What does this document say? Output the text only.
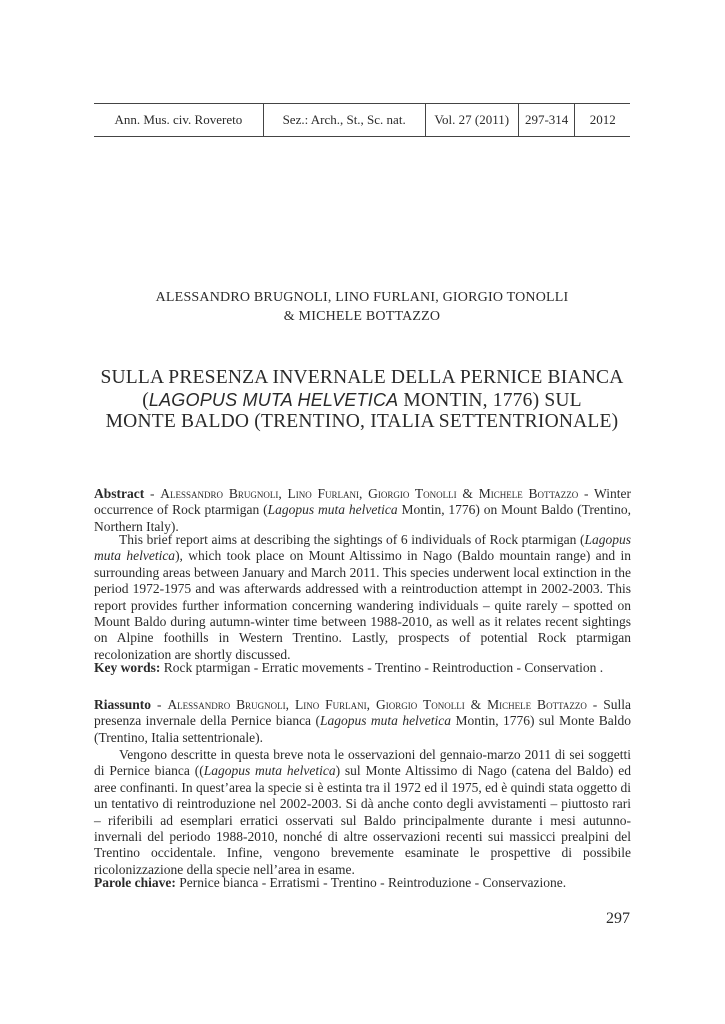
Ann. Mus. civ. Rovereto	Sez.: Arch., St., Sc. nat.	Vol. 27 (2011)	297-314	2012
ALESSANDRO BRUGNOLI, LINO FURLANI, GIORGIO TONOLLI
& MICHELE BOTTAZZO
SULLA PRESENZA INVERNALE DELLA PERNICE BIANCA
(LAGOPUS MUTA HELVETICA MONTIN, 1776) SUL
MONTE BALDO (TRENTINO, ITALIA SETTENTRIONALE)
Abstract - Alessandro Brugnoli, Lino Furlani, Giorgio Tonolli & Michele Bottazzo - Winter occurrence of Rock ptarmigan (Lagopus muta helvetica Montin, 1776) on Mount Baldo (Trentino, Northern Italy).
This brief report aims at describing the sightings of 6 individuals of Rock ptarmigan (Lagopus muta helvetica), which took place on Mount Altissimo in Nago (Baldo mountain range) and in surrounding areas between January and March 2011. This species underwent local extinction in the period 1972-1975 and was afterwards addressed with a reintroduction attempt in 2002-2003. This report provides further information concerning wandering individuals – quite rarely – spotted on Mount Baldo during autumn-winter time between 1988-2010, as well as it relates recent sightings on Alpine foothills in Western Trentino. Lastly, prospects of potential Rock ptarmigan recolonization are shortly discussed.
Key words: Rock ptarmigan - Erratic movements - Trentino - Reintroduction - Conservation .
Riassunto - Alessandro Brugnoli, Lino Furlani, Giorgio Tonolli & Michele Bottazzo - Sulla presenza invernale della Pernice bianca (Lagopus muta helvetica Montin, 1776) sul Monte Baldo (Trentino, Italia settentrionale).
Vengono descritte in questa breve nota le osservazioni del gennaio-marzo 2011 di sei soggetti di Pernice bianca ((Lagopus muta helvetica) sul Monte Altissimo di Nago (catena del Baldo) ed aree confinanti. In quest’area la specie si è estinta tra il 1972 ed il 1975, ed è quindi stata oggetto di un tentativo di reintroduzione nel 2002-2003. Si dà anche conto degli avvistamenti – piuttosto rari – riferibili ad esemplari erratici osservati sul Baldo principalmente durante i mesi autunno-invernali del periodo 1988-2010, nonché di altre osservazioni recenti sui massicci prealpini del Trentino occidentale. Infine, vengono brevemente esaminate le prospettive di possibile ricolonizzazione della specie nell’area in esame.
Parole chiave: Pernice bianca - Erratismi - Trentino - Reintroduzione - Conservazione.
297
